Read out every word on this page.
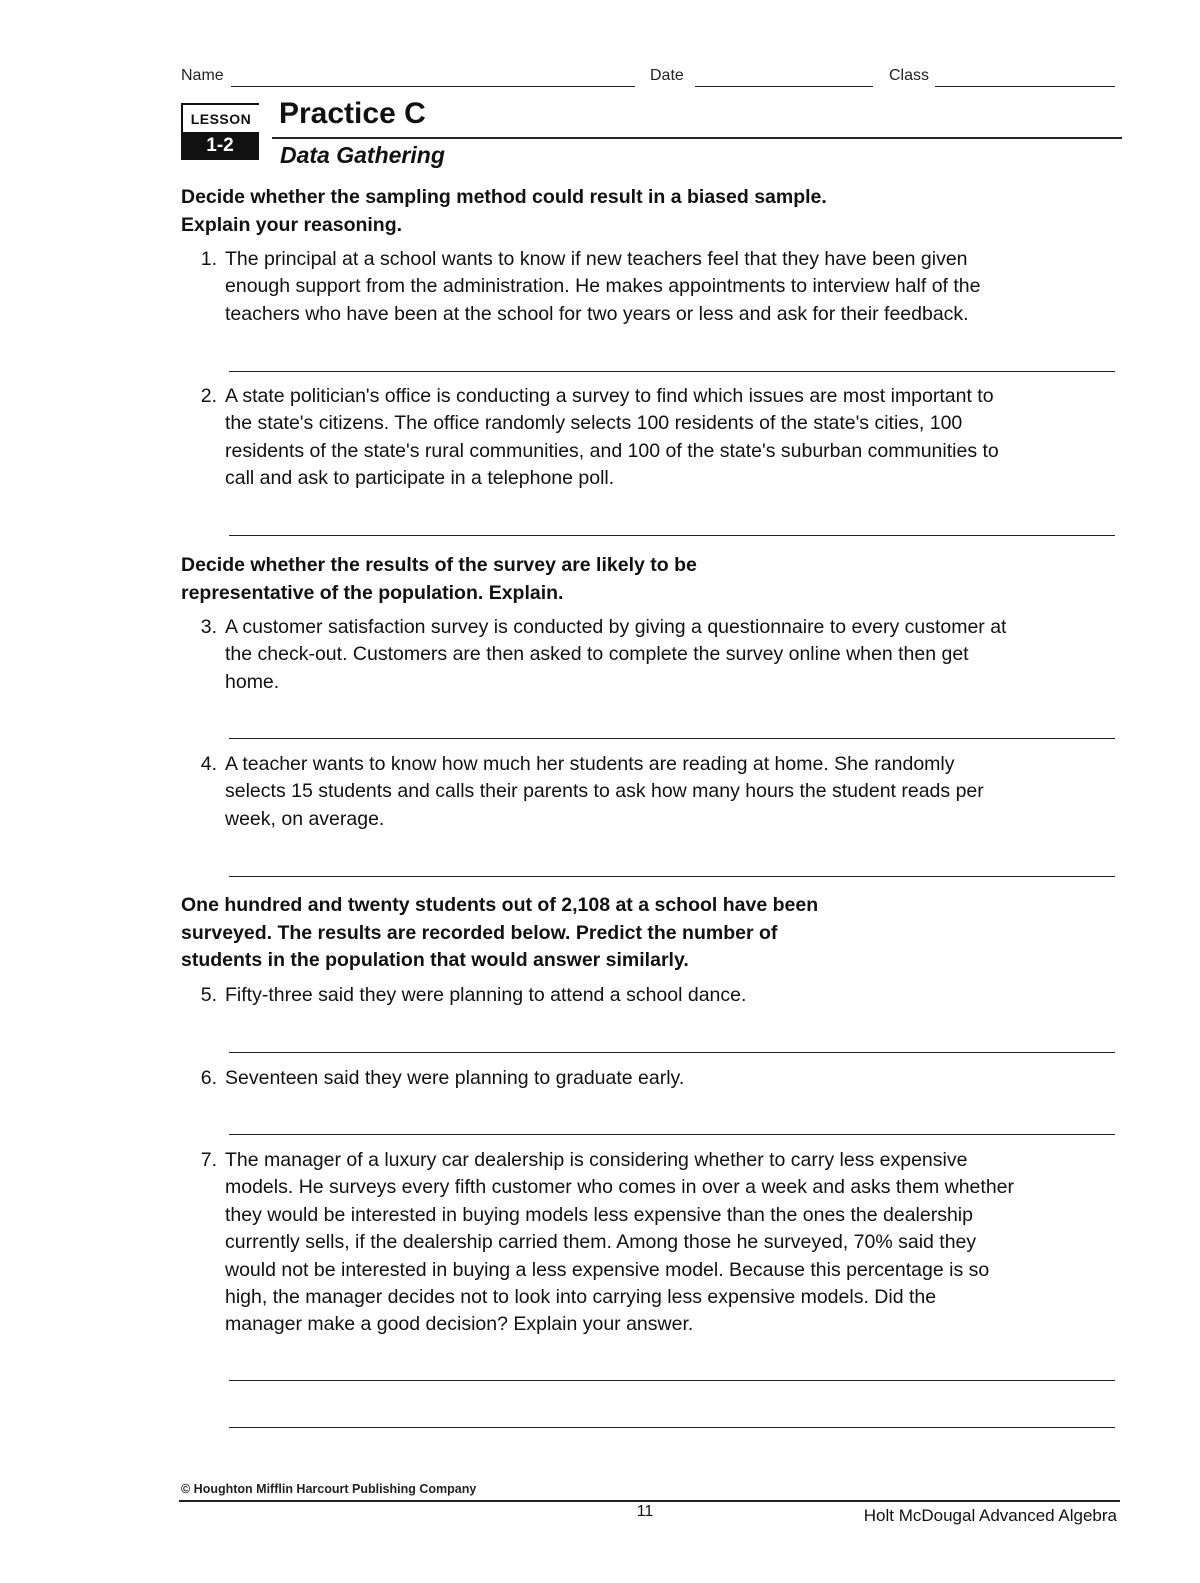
Name	Date	Class
LESSON
1-2
Practice C
Data Gathering
Decide whether the sampling method could result in a biased sample.
Explain your reasoning.
1. The principal at a school wants to know if new teachers feel that they have been given
enough support from the administration. He makes appointments to interview half of the
teachers who have been at the school for two years or less and ask for their feedback.
2. A state politician's office is conducting a survey to find which issues are most important to
the state's citizens. The office randomly selects 100 residents of the state's cities, 100
residents of the state's rural communities, and 100 of the state's suburban communities to
call and ask to participate in a telephone poll.
Decide whether the results of the survey are likely to be
representative of the population. Explain.
3. A customer satisfaction survey is conducted by giving a questionnaire to every customer at
the check-out. Customers are then asked to complete the survey online when then get
home.
4. A teacher wants to know how much her students are reading at home. She randomly
selects 15 students and calls their parents to ask how many hours the student reads per
week, on average.
One hundred and twenty students out of 2,108 at a school have been
surveyed. The results are recorded below. Predict the number of
students in the population that would answer similarly.
5. Fifty-three said they were planning to attend a school dance.
6. Seventeen said they were planning to graduate early.
7. The manager of a luxury car dealership is considering whether to carry less expensive
models. He surveys every fifth customer who comes in over a week and asks them whether
they would be interested in buying models less expensive than the ones the dealership
currently sells, if the dealership carried them. Among those he surveyed, 70% said they
would not be interested in buying a less expensive model. Because this percentage is so
high, the manager decides not to look into carrying less expensive models. Did the
manager make a good decision? Explain your answer.
© Houghton Mifflin Harcourt Publishing Company
11	Holt McDougal Advanced Algebra
